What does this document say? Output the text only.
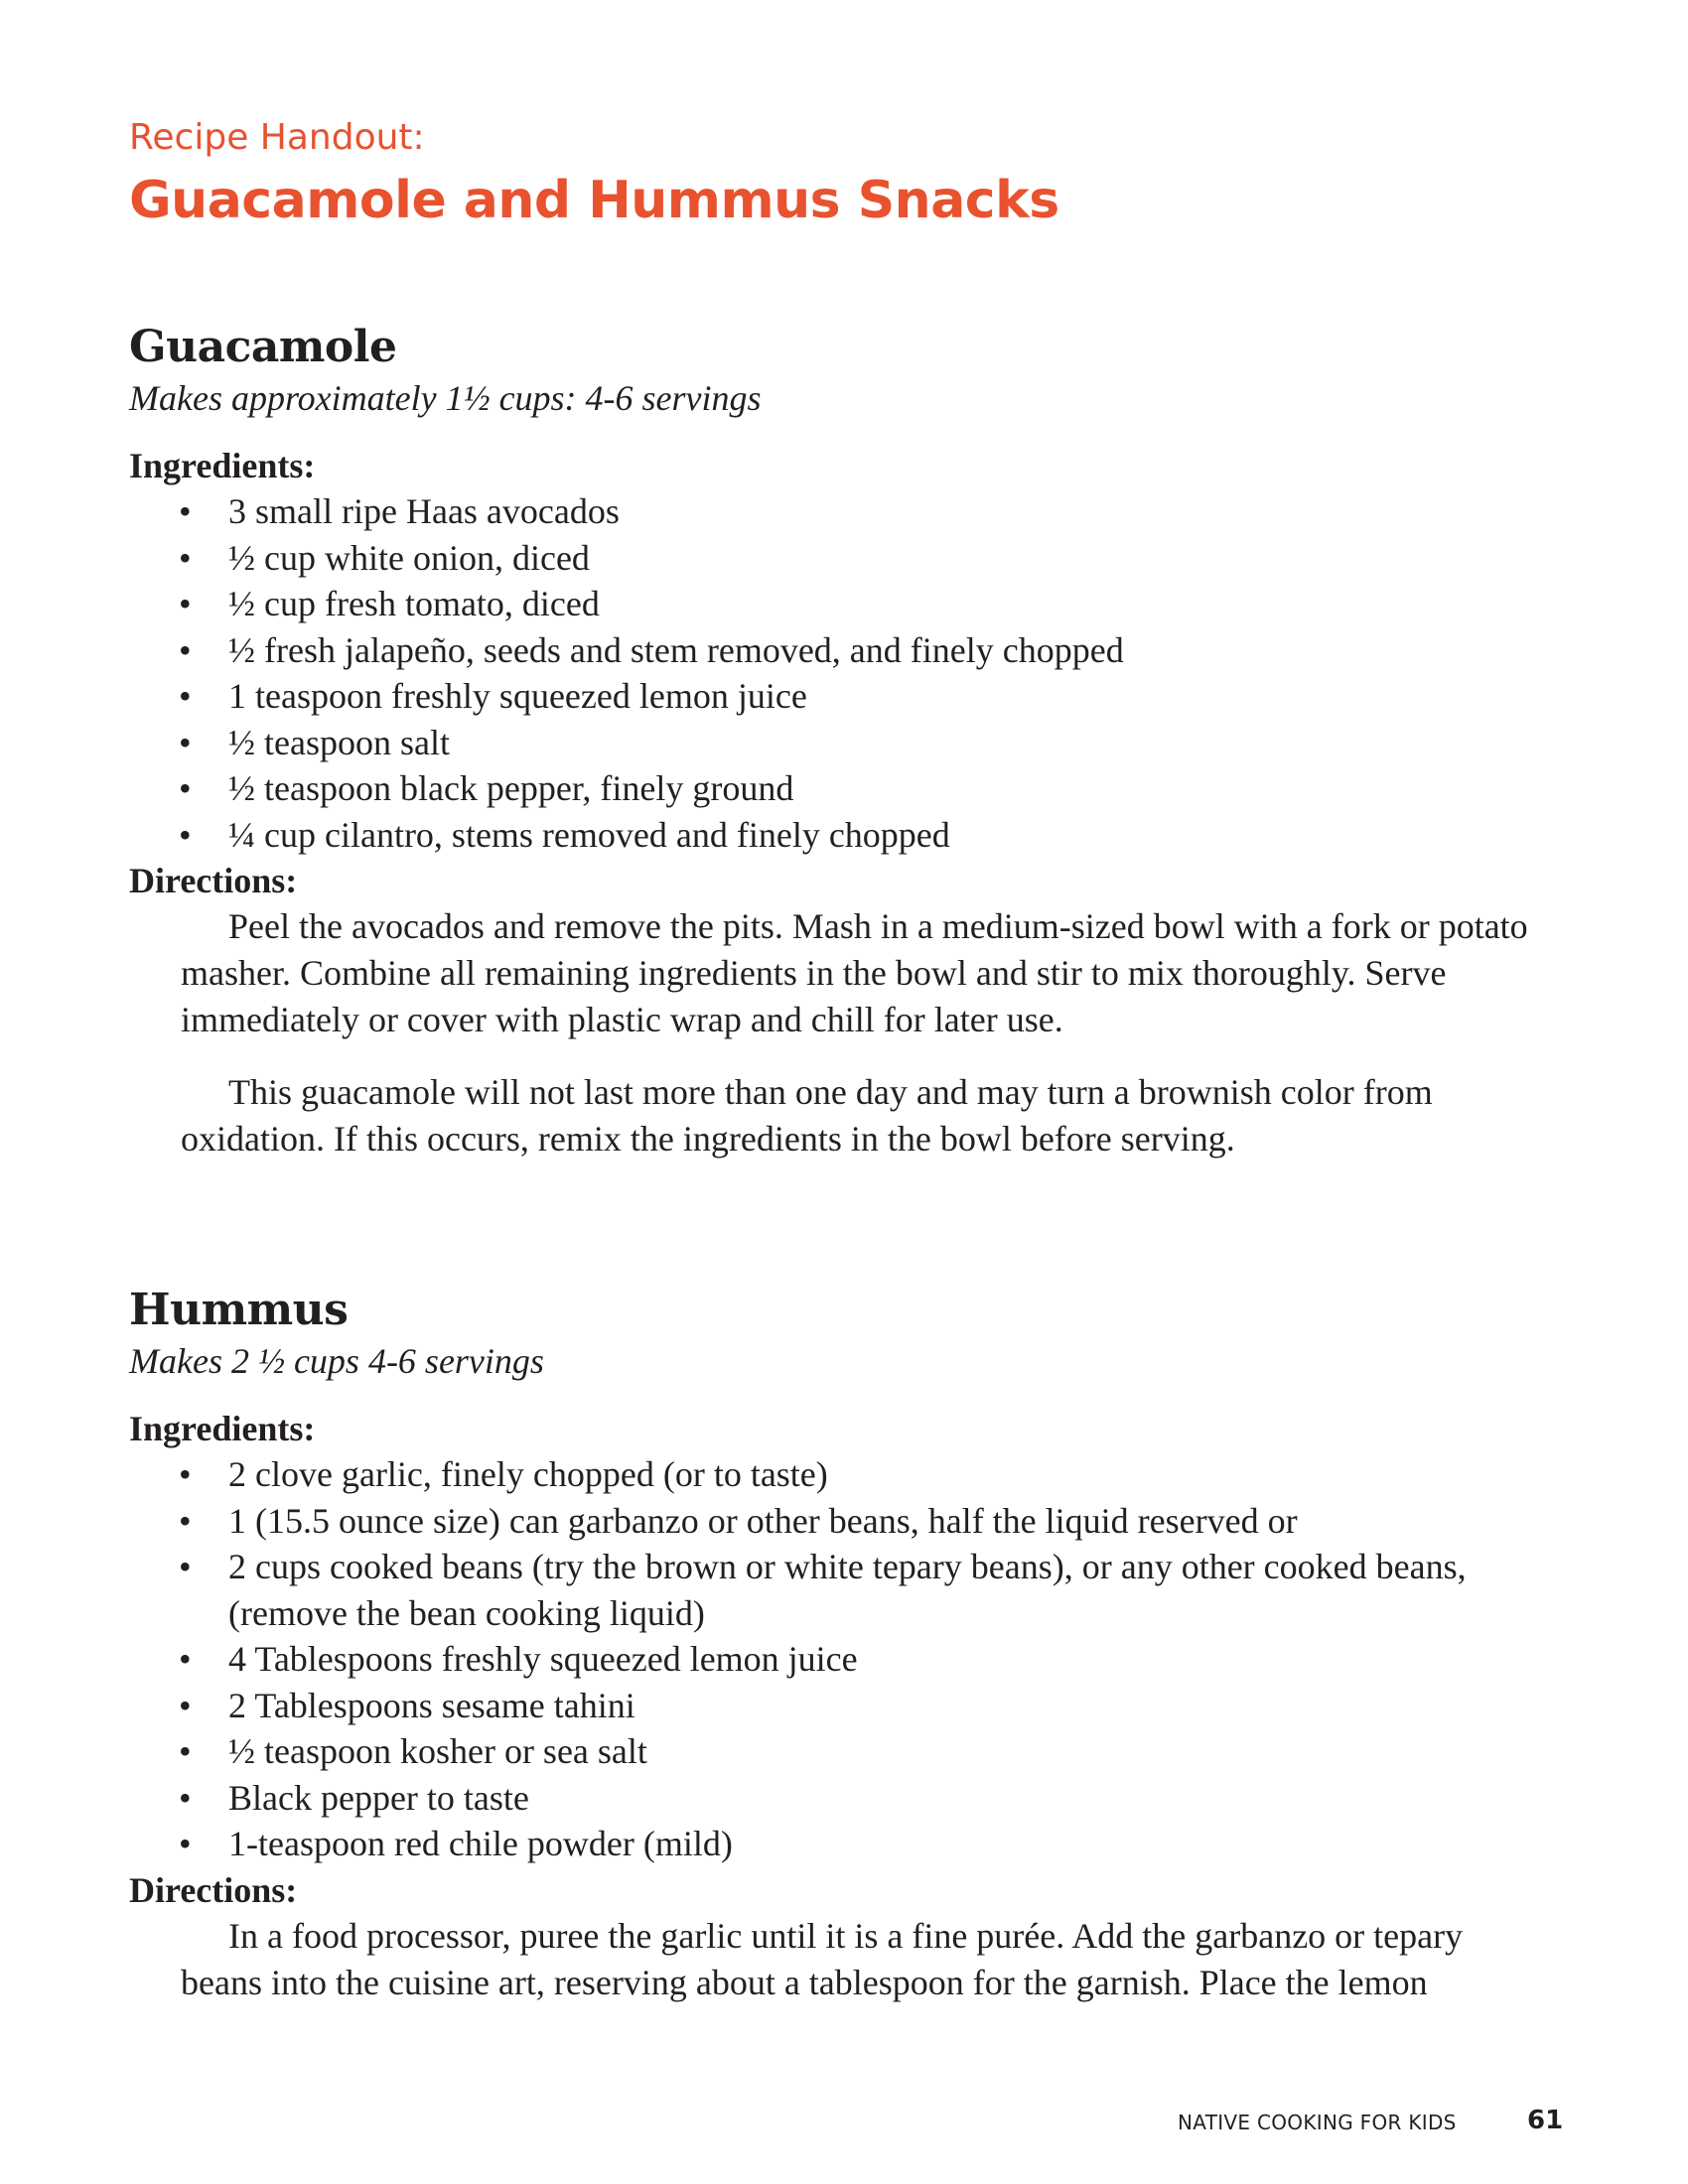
Recipe Handout:
Guacamole and Hummus Snacks
Guacamole

Makes approximately 1½ cups: 4-6 servings

Ingredients:
• 3 small ripe Haas avocados
• ½ cup white onion, diced
• ½ cup fresh tomato, diced
• ½ fresh jalapeño, seeds and stem removed, and finely chopped
• 1 teaspoon freshly squeezed lemon juice
• ½ teaspoon salt
• ½ teaspoon black pepper, finely ground
• ¼ cup cilantro, stems removed and finely chopped
Directions:

Peel the avocados and remove the pits. Mash in a medium-sized bowl with a fork or potato masher. Combine all remaining ingredients in the bowl and stir to mix thoroughly. Serve immediately or cover with plastic wrap and chill for later use.

This guacamole will not last more than one day and may turn a brownish color from oxidation. If this occurs, remix the ingredients in the bowl before serving.

Hummus

Makes 2 ½ cups 4-6 servings

Ingredients:
• 2 clove garlic, finely chopped (or to taste)
• 1 (15.5 ounce size) can garbanzo or other beans, half the liquid reserved or
• 2 cups cooked beans (try the brown or white tepary beans), or any other cooked beans, (remove the bean cooking liquid)
• 4 Tablespoons freshly squeezed lemon juice
• 2 Tablespoons sesame tahini
• ½ teaspoon kosher or sea salt
• Black pepper to taste
• 1-teaspoon red chile powder (mild)
Directions:

In a food processor, puree the garlic until it is a fine purée. Add the garbanzo or tepary beans into the cuisine art, reserving about a tablespoon for the garnish. Place the lemon

NATIVE COOKING FOR KIDS	61
